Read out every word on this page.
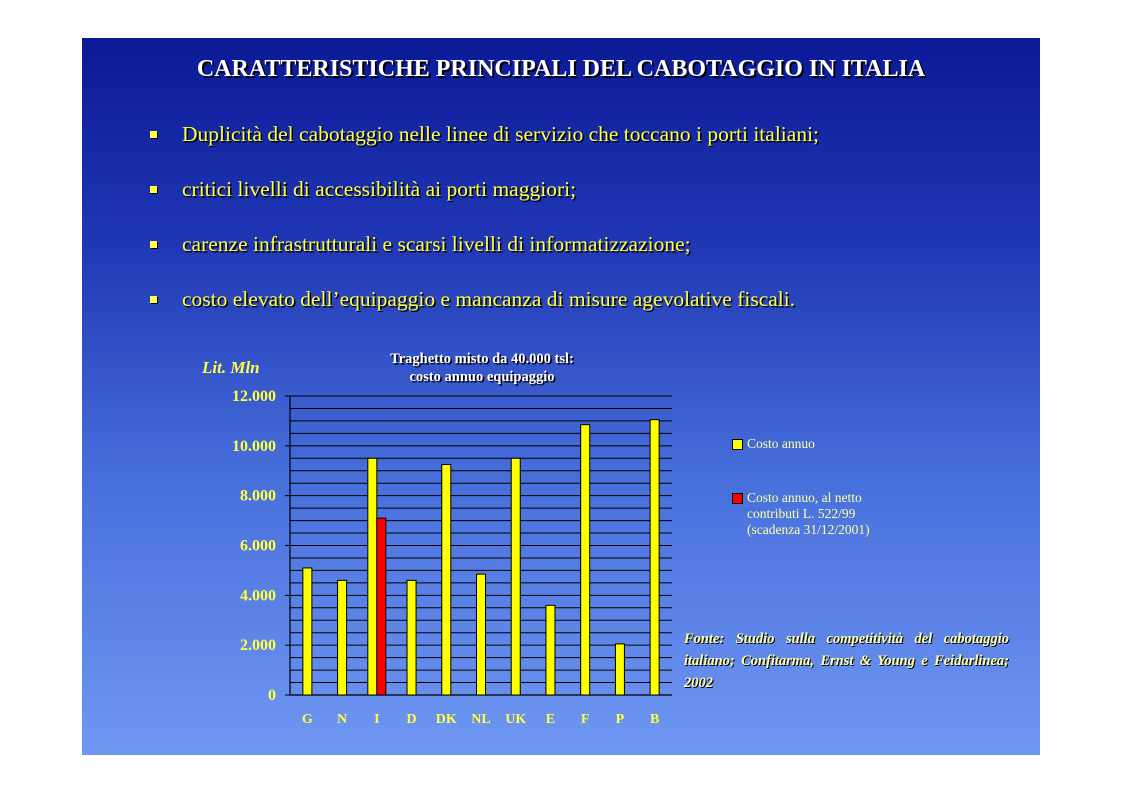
CARATTERISTICHE PRINCIPALI DEL CABOTAGGIO IN ITALIA
Duplicità del cabotaggio nelle linee di servizio che toccano i porti italiani;
critici livelli di accessibilità ai porti maggiori;
carenze infrastrutturali e scarsi livelli di informatizzazione;
costo elevato dell’equipaggio e mancanza di misure agevolative fiscali.
Lit. Mln	Traghetto misto da 40.000 tsl:
costo annuo equipaggio
0
2.000
4.000
6.000
8.000
10.000
12.000
G N I D DK NL UK E F P B
Costo annuo
Costo annuo, al netto
contributi L. 522/99
(scadenza 31/12/2001)
Fonte: Studio sulla competitività del cabotaggio italiano; Confitarma, Ernst & Young e Feidarlinea; 2002
